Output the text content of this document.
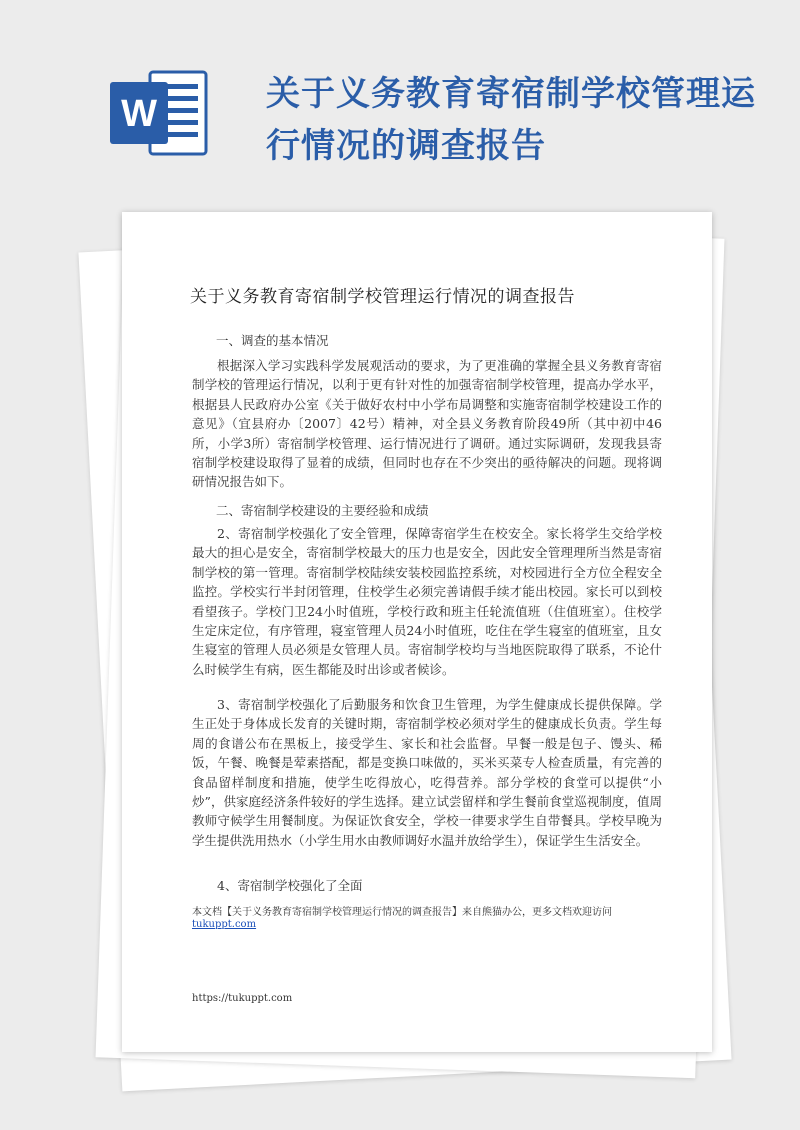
W	关于义务教育寄宿制学校管理运行情况的调查报告
关于义务教育寄宿制学校管理运行情况的调查报告
一、调查的基本情况

根据深入学习实践科学发展观活动的要求，为了更准确的掌握全县义务教育寄宿制学校的管理运行情况，以利于更有针对性的加强寄宿制学校管理，提高办学水平，根据县人民政府办公室《关于做好农村中小学布局调整和实施寄宿制学校建设工作的意见》（宜县府办〔2007〕42号）精神，对全县义务教育阶段49所（其中初中46所，小学3所）寄宿制学校管理、运行情况进行了调研。通过实际调研，发现我县寄宿制学校建设取得了显着的成绩，但同时也存在不少突出的亟待解决的问题。现将调研情况报告如下。

二、寄宿制学校建设的主要经验和成绩

2、寄宿制学校强化了安全管理，保障寄宿学生在校安全。家长将学生交给学校最大的担心是安全，寄宿制学校最大的压力也是安全，因此安全管理理所当然是寄宿制学校的第一管理。寄宿制学校陆续安装校园监控系统，对校园进行全方位全程安全监控。学校实行半封闭管理，住校学生必须完善请假手续才能出校园。家长可以到校看望孩子。学校门卫24小时值班，学校行政和班主任轮流值班（住值班室）。住校学生定床定位，有序管理，寝室管理人员24小时值班，吃住在学生寝室的值班室，且女生寝室的管理人员必须是女管理人员。寄宿制学校均与当地医院取得了联系，不论什么时候学生有病，医生都能及时出诊或者候诊。

3、寄宿制学校强化了后勤服务和饮食卫生管理，为学生健康成长提供保障。学生正处于身体成长发育的关键时期，寄宿制学校必须对学生的健康成长负责。学生每周的食谱公布在黑板上，接受学生、家长和社会监督。早餐一般是包子、馒头、稀饭，午餐、晚餐是荤素搭配，都是变换口味做的，买米买菜专人检查质量，有完善的食品留样制度和措施，使学生吃得放心，吃得营养。部分学校的食堂可以提供“小炒”，供家庭经济条件较好的学生选择。建立试尝留样和学生餐前食堂巡视制度，值周教师守候学生用餐制度。为保证饮食安全，学校一律要求学生自带餐具。学校早晚为学生提供洗用热水（小学生用水由教师调好水温并放给学生），保证学生生活安全。

4、寄宿制学校强化了全面

本文档【关于义务教育寄宿制学校管理运行情况的调查报告】来自熊猫办公，更多文档欢迎访问
tukuppt.com
https://tukuppt.com
